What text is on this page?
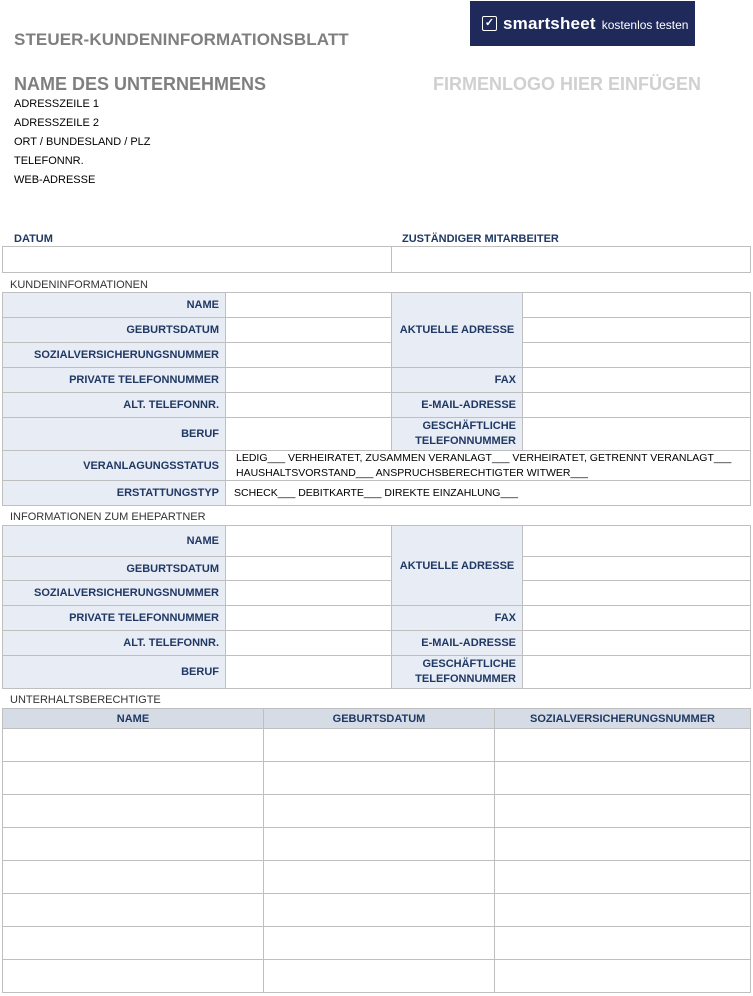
STEUER-KUNDENINFORMATIONSBLATT
✓ smartsheet kostenlos testen
NAME DES UNTERNEHMENS	FIRMENLOGO HIER EINFÜGEN
ADRESSZEILE 1
ADRESSZEILE 2
ORT / BUNDESLAND / PLZ
TELEFONNR.
WEB-ADRESSE
DATUM	ZUSTÄNDIGER MITARBEITER

KUNDENINFORMATIONEN
NAME		AKTUELLE ADRESSE	
GEBURTSDATUM			
SOZIALVERSICHERUNGSNUMMER			
PRIVATE TELEFONNUMMER		FAX	
ALT. TELEFONNR.		E-MAIL-ADRESSE	
BERUF		GESCHÄFTLICHE
TELEFONNUMMER	
VERANLAGUNGSSTATUS	LEDIG___ VERHEIRATET, ZUSAMMEN VERANLAGT___ VERHEIRATET, GETRENNT VERANLAGT___
HAUSHALTSVORSTAND___ ANSPRUCHSBERECHTIGTER WITWER___		
ERSTATTUNGSTYP	SCHECK___ DEBITKARTE___ DIREKTE EINZAHLUNG___		
INFORMATIONEN ZUM EHEPARTNER
NAME		AKTUELLE ADRESSE	
GEBURTSDATUM			
SOZIALVERSICHERUNGSNUMMER			
PRIVATE TELEFONNUMMER		FAX	
ALT. TELEFONNR.		E-MAIL-ADRESSE	
BERUF		GESCHÄFTLICHE
TELEFONNUMMER	
UNTERHALTSBERECHTIGTE
NAME	GEBURTSDATUM	SOZIALVERSICHERUNGSNUMMER
